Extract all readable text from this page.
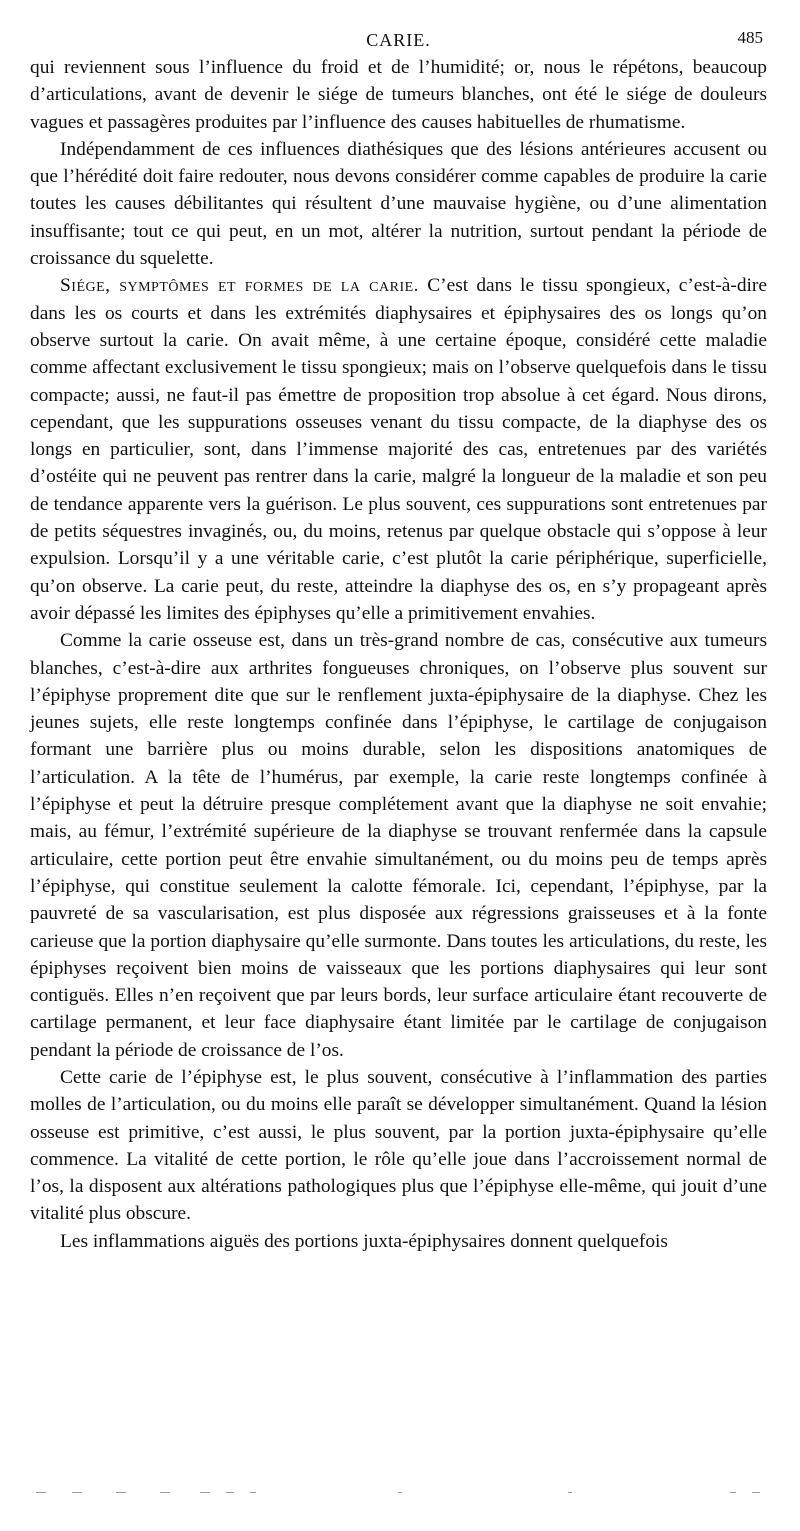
CARIE.	485

qui reviennent sous l’influence du froid et de l’humidité; or, nous le répétons, beaucoup d’articulations, avant de devenir le siége de tumeurs blanches, ont été le siége de douleurs vagues et passagères produites par l’influence des causes habituelles de rhumatisme.

Indépendamment de ces influences diathésiques que des lésions antérieures accusent ou que l’hérédité doit faire redouter, nous devons considérer comme capables de produire la carie toutes les causes débilitantes qui résultent d’une mauvaise hygiène, ou d’une alimentation insuffisante; tout ce qui peut, en un mot, altérer la nutrition, surtout pendant la période de croissance du squelette.

Siége, symptômes et formes de la carie. C’est dans le tissu spongieux, c’est-à-dire dans les os courts et dans les extrémités diaphysaires et épiphysaires des os longs qu’on observe surtout la carie. On avait même, à une certaine époque, considéré cette maladie comme affectant exclusivement le tissu spongieux; mais on l’observe quelquefois dans le tissu compacte; aussi, ne faut-il pas émettre de proposition trop absolue à cet égard. Nous dirons, cependant, que les suppurations osseuses venant du tissu compacte, de la diaphyse des os longs en particulier, sont, dans l’immense majorité des cas, entretenues par des variétés d’ostéite qui ne peuvent pas rentrer dans la carie, malgré la longueur de la maladie et son peu de tendance apparente vers la guérison. Le plus souvent, ces suppurations sont entretenues par de petits séquestres invaginés, ou, du moins, retenus par quelque obstacle qui s’oppose à leur expulsion. Lorsqu’il y a une véritable carie, c’est plutôt la carie périphérique, superficielle, qu’on observe. La carie peut, du reste, atteindre la diaphyse des os, en s’y propageant après avoir dépassé les limites des épiphyses qu’elle a primitivement envahies.

Comme la carie osseuse est, dans un très-grand nombre de cas, consécutive aux tumeurs blanches, c’est-à-dire aux arthrites fongueuses chroniques, on l’observe plus souvent sur l’épiphyse proprement dite que sur le renflement juxta-épiphysaire de la diaphyse. Chez les jeunes sujets, elle reste longtemps confinée dans l’épiphyse, le cartilage de conjugaison formant une barrière plus ou moins durable, selon les dispositions anatomiques de l’articulation. A la tête de l’humérus, par exemple, la carie reste longtemps confinée à l’épiphyse et peut la détruire presque complétement avant que la diaphyse ne soit envahie; mais, au fémur, l’extrémité supérieure de la diaphyse se trouvant renfermée dans la capsule articulaire, cette portion peut être envahie simultanément, ou du moins peu de temps après l’épiphyse, qui constitue seulement la calotte fémorale. Ici, cependant, l’épiphyse, par la pauvreté de sa vascularisation, est plus disposée aux régressions graisseuses et à la fonte carieuse que la portion diaphysaire qu’elle surmonte. Dans toutes les articulations, du reste, les épiphyses reçoivent bien moins de vaisseaux que les portions diaphysaires qui leur sont contiguës. Elles n’en reçoivent que par leurs bords, leur surface articulaire étant recouverte de cartilage permanent, et leur face diaphysaire étant limitée par le cartilage de conjugaison pendant la période de croissance de l’os.

Cette carie de l’épiphyse est, le plus souvent, consécutive à l’inflammation des parties molles de l’articulation, ou du moins elle paraît se développer simultanément. Quand la lésion osseuse est primitive, c’est aussi, le plus souvent, par la portion juxta-épiphysaire qu’elle commence. La vitalité de cette portion, le rôle qu’elle joue dans l’accroissement normal de l’os, la disposent aux altérations pathologiques plus que l’épiphyse elle-même, qui jouit d’une vitalité plus obscure.

Les inflammations aiguës des portions juxta-épiphysaires donnent quelquefois
